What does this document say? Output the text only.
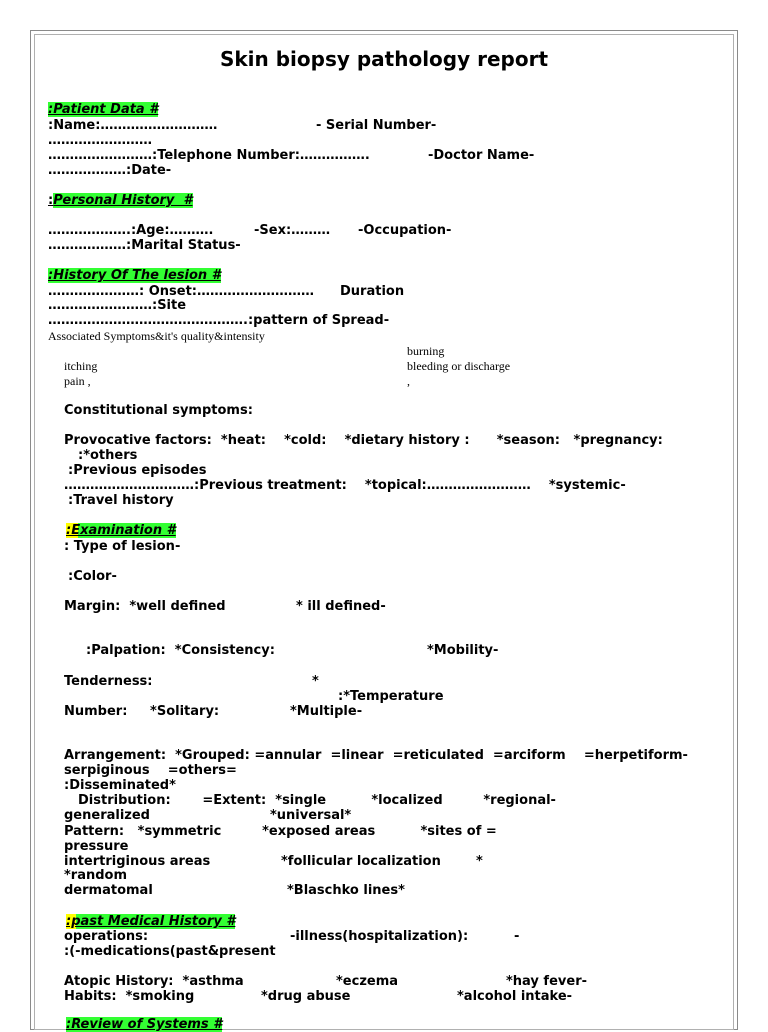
Skin biopsy pathology report
:Patient Data #
:Name:………………………	- Serial Number-
……………………
……………………:Telephone Number:…………….	-Doctor Name-
………………:Date-
:Personal History  #
……………….:Age:……….	-Sex:……… -Occupation-
………………:Marital Status-
:History Of The lesion #
…………………: Onset:……………………… Duration
……………………:Site
……………………………………….:pattern of Spread-
Associated Symptoms&it's quality&intensity
burning
itching	bleeding or discharge
pain ,	,
Constitutional symptoms:
Provocative factors:  *heat:    *cold:    *dietary history :      *season:   *pregnancy:
:*others
:Previous episodes
…………………………:Previous treatment:    *topical:……………………    *systemic-
:Travel history
:Examination #
: Type of lesion-
:Color-
Margin:  *well defined	* ill defined-
:Palpation:  *Consistency:	*Mobility-
Tenderness:	*
:*Temperature
Number:     *Solitary:	*Multiple-
Arrangement:  *Grouped: =annular  =linear  =reticulated  =arciform    =herpetiform-
serpiginous    =others=
:Disseminated*
Distribution:       =Extent:  *single          *localized         *regional-
generalized	*universal*
Pattern:   *symmetric         *exposed areas          *sites of =
pressure
intertriginous areas	*follicular localization	*
*random
dermatomal	*Blaschko lines*
:past Medical History #
operations:	-illness(hospitalization):	-
:(-medications(past&present
Atopic History:  *asthma	*eczema	*hay fever-
Habits:  *smoking	*drug abuse	*alcohol intake-
:Review of Systems #
